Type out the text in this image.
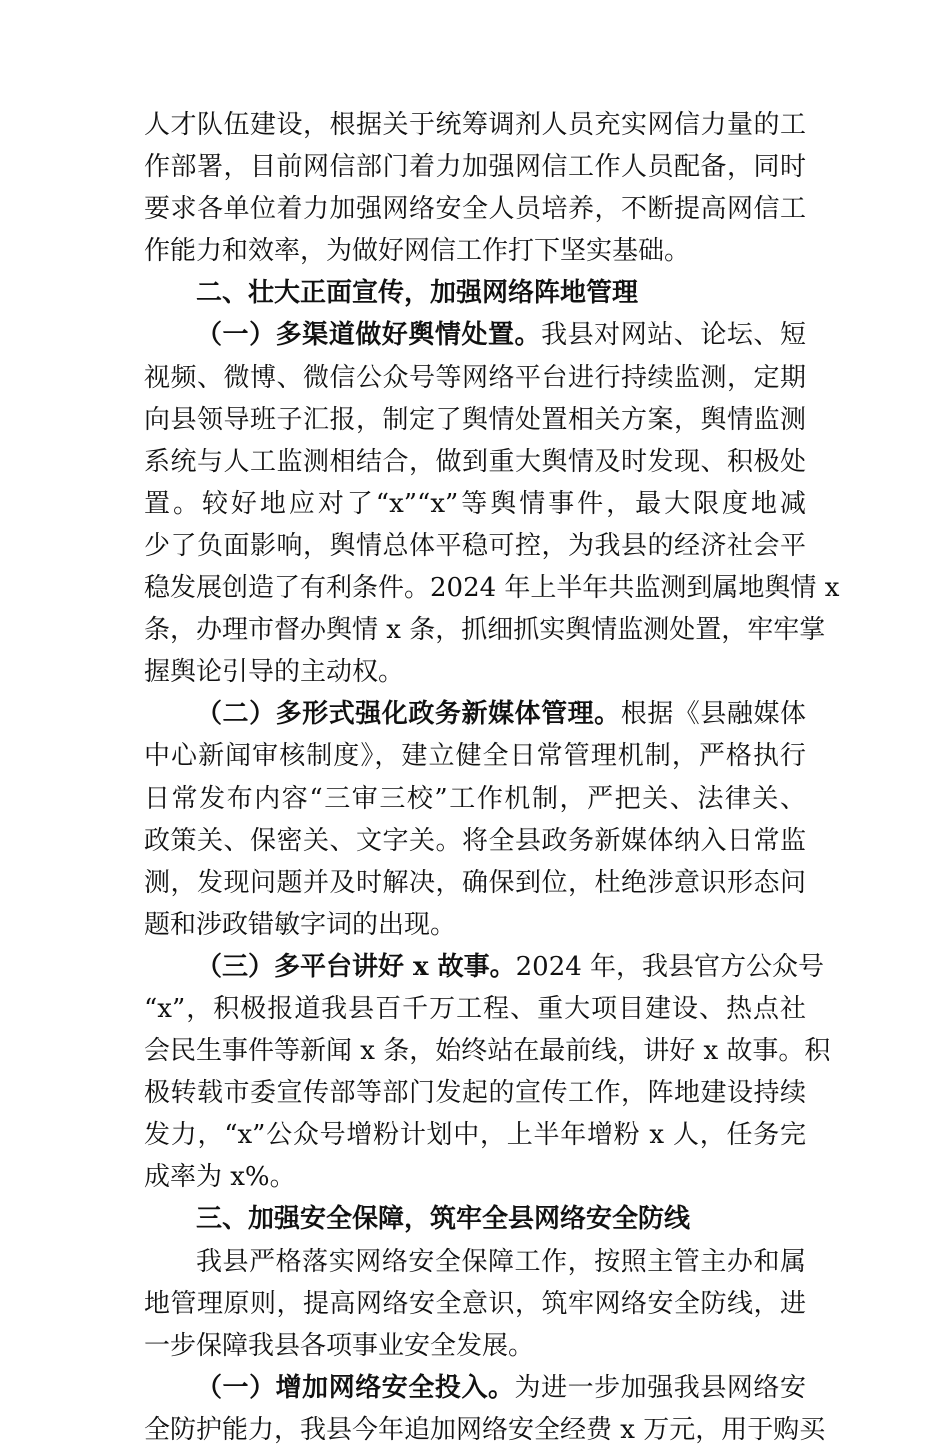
人才队伍建设，根据关于统筹调剂人员充实网信力量的工
作部署，目前网信部门着力加强网信工作人员配备，同时
要求各单位着力加强网络安全人员培养，不断提高网信工
作能力和效率，为做好网信工作打下坚实基础。
二、壮大正面宣传，加强网络阵地管理
（一）多渠道做好舆情处置。我县对网站、论坛、短
视频、微博、微信公众号等网络平台进行持续监测，定期
向县领导班子汇报，制定了舆情处置相关方案，舆情监测
系统与人工监测相结合，做到重大舆情及时发现、积极处
置。较好地应对了“x”“x”等舆情事件，最大限度地减
少了负面影响，舆情总体平稳可控，为我县的经济社会平
稳发展创造了有利条件。2024 年上半年共监测到属地舆情 x
条，办理市督办舆情 x 条，抓细抓实舆情监测处置，牢牢掌
握舆论引导的主动权。
（二）多形式强化政务新媒体管理。根据《县融媒体
中心新闻审核制度》，建立健全日常管理机制，严格执行
日常发布内容“三审三校”工作机制，严把关、法律关、
政策关、保密关、文字关。将全县政务新媒体纳入日常监
测，发现问题并及时解决，确保到位，杜绝涉意识形态问
题和涉政错敏字词的出现。
（三）多平台讲好 x 故事。2024 年，我县官方公众号
“x”，积极报道我县百千万工程、重大项目建设、热点社
会民生事件等新闻 x 条，始终站在最前线，讲好 x 故事。积
极转载市委宣传部等部门发起的宣传工作，阵地建设持续
发力，“x”公众号增粉计划中，上半年增粉 x 人，任务完
成率为 x%。
三、加强安全保障，筑牢全县网络安全防线
我县严格落实网络安全保障工作，按照主管主办和属
地管理原则，提高网络安全意识，筑牢网络安全防线，进
一步保障我县各项事业安全发展。
（一）增加网络安全投入。为进一步加强我县网络安
全防护能力，我县今年追加网络安全经费 x 万元，用于购买
